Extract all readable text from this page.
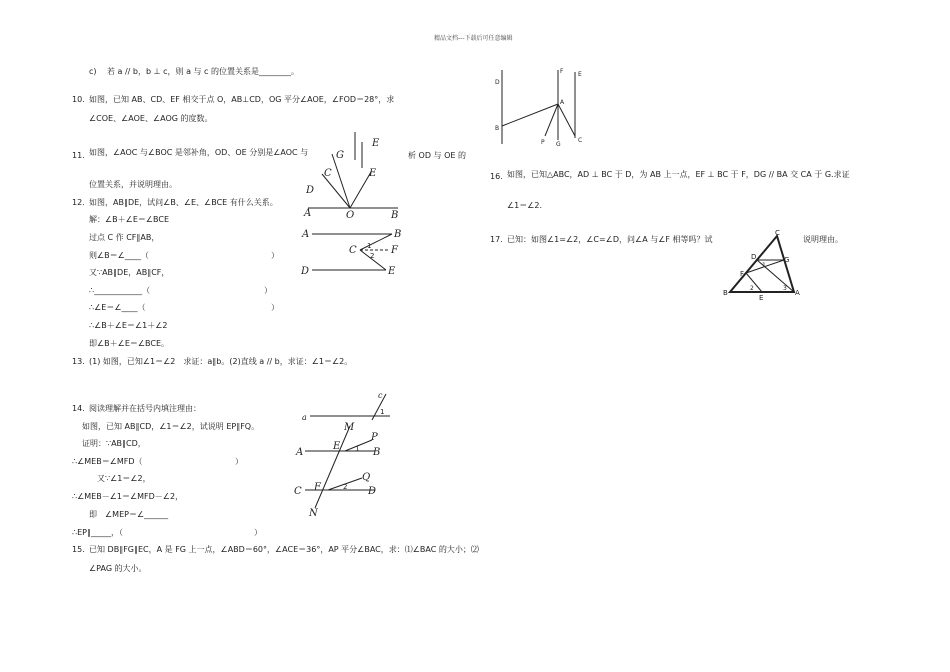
精品文档---下载后可任意编辑
c) 若 a // b，b ⊥ c，则 a 与 c 的位置关系是________。
10. 如图，已知 AB、CD、EF 相交于点 O，AB⊥CD，OG 平分∠AOE，∠FOD＝28°，求
∠COE、∠AOE、∠AOG 的度数。
11. 如图，∠AOC 与∠BOC 是邻补角，OD、OE 分别是∠AOC 与	析 OD 与 OE 的
位置关系，并说明理由。
12. 如图，AB∥DE，试问∠B、∠E、∠BCE 有什么关系。
解：∠B＋∠E＝∠BCE
过点 C 作 CF∥AB，
则∠B＝∠____（	）
又∵AB∥DE，AB∥CF，
∴____________（	）
∴∠E＝∠____（	）
∴∠B＋∠E＝∠1＋∠2
即∠B＋∠E＝∠BCE。
13. (1) 如图，已知∠1＝∠2　求证：a∥b。(2)直线 a // b，求证：∠1＝∠2。
14. 阅读理解并在括号内填注理由：
如图，已知 AB∥CD，∠1＝∠2，试说明 EP∥FQ。
证明：∵AB∥CD，
∴∠MEB＝∠MFD（	）
又∵∠1＝∠2，
∴∠MEB－∠1＝∠MFD－∠2，
即　∠MEP＝∠______
∴EP∥_____，（	）
15. 已知 DB∥FG∥EC，A 是 FG 上一点，∠ABD＝60°，∠ACE＝36°，AP 平分∠BAC，求：⑴∠BAC 的大小；⑵
∠PAG 的大小。
16. 如图，已知△ABC，AD ⊥ BC 于 D，为 AB 上一点，EF ⊥ BC 于 F，DG // BA 交 CA 于 G.求证
∠1＝∠2.
17. 已知：如图∠1=∠2，∠C=∠D，问∠A 与∠F 相等吗？试	说明理由。
C
G
E
E
D
A	O	B
A	B
C 1
2 F
D	E
a
c
1
M
P
E 1
A	B
Q
C F	2 D
N
D
B
F
A
P G
E
C
C
D	G
F
1
B
2
E
3
A
